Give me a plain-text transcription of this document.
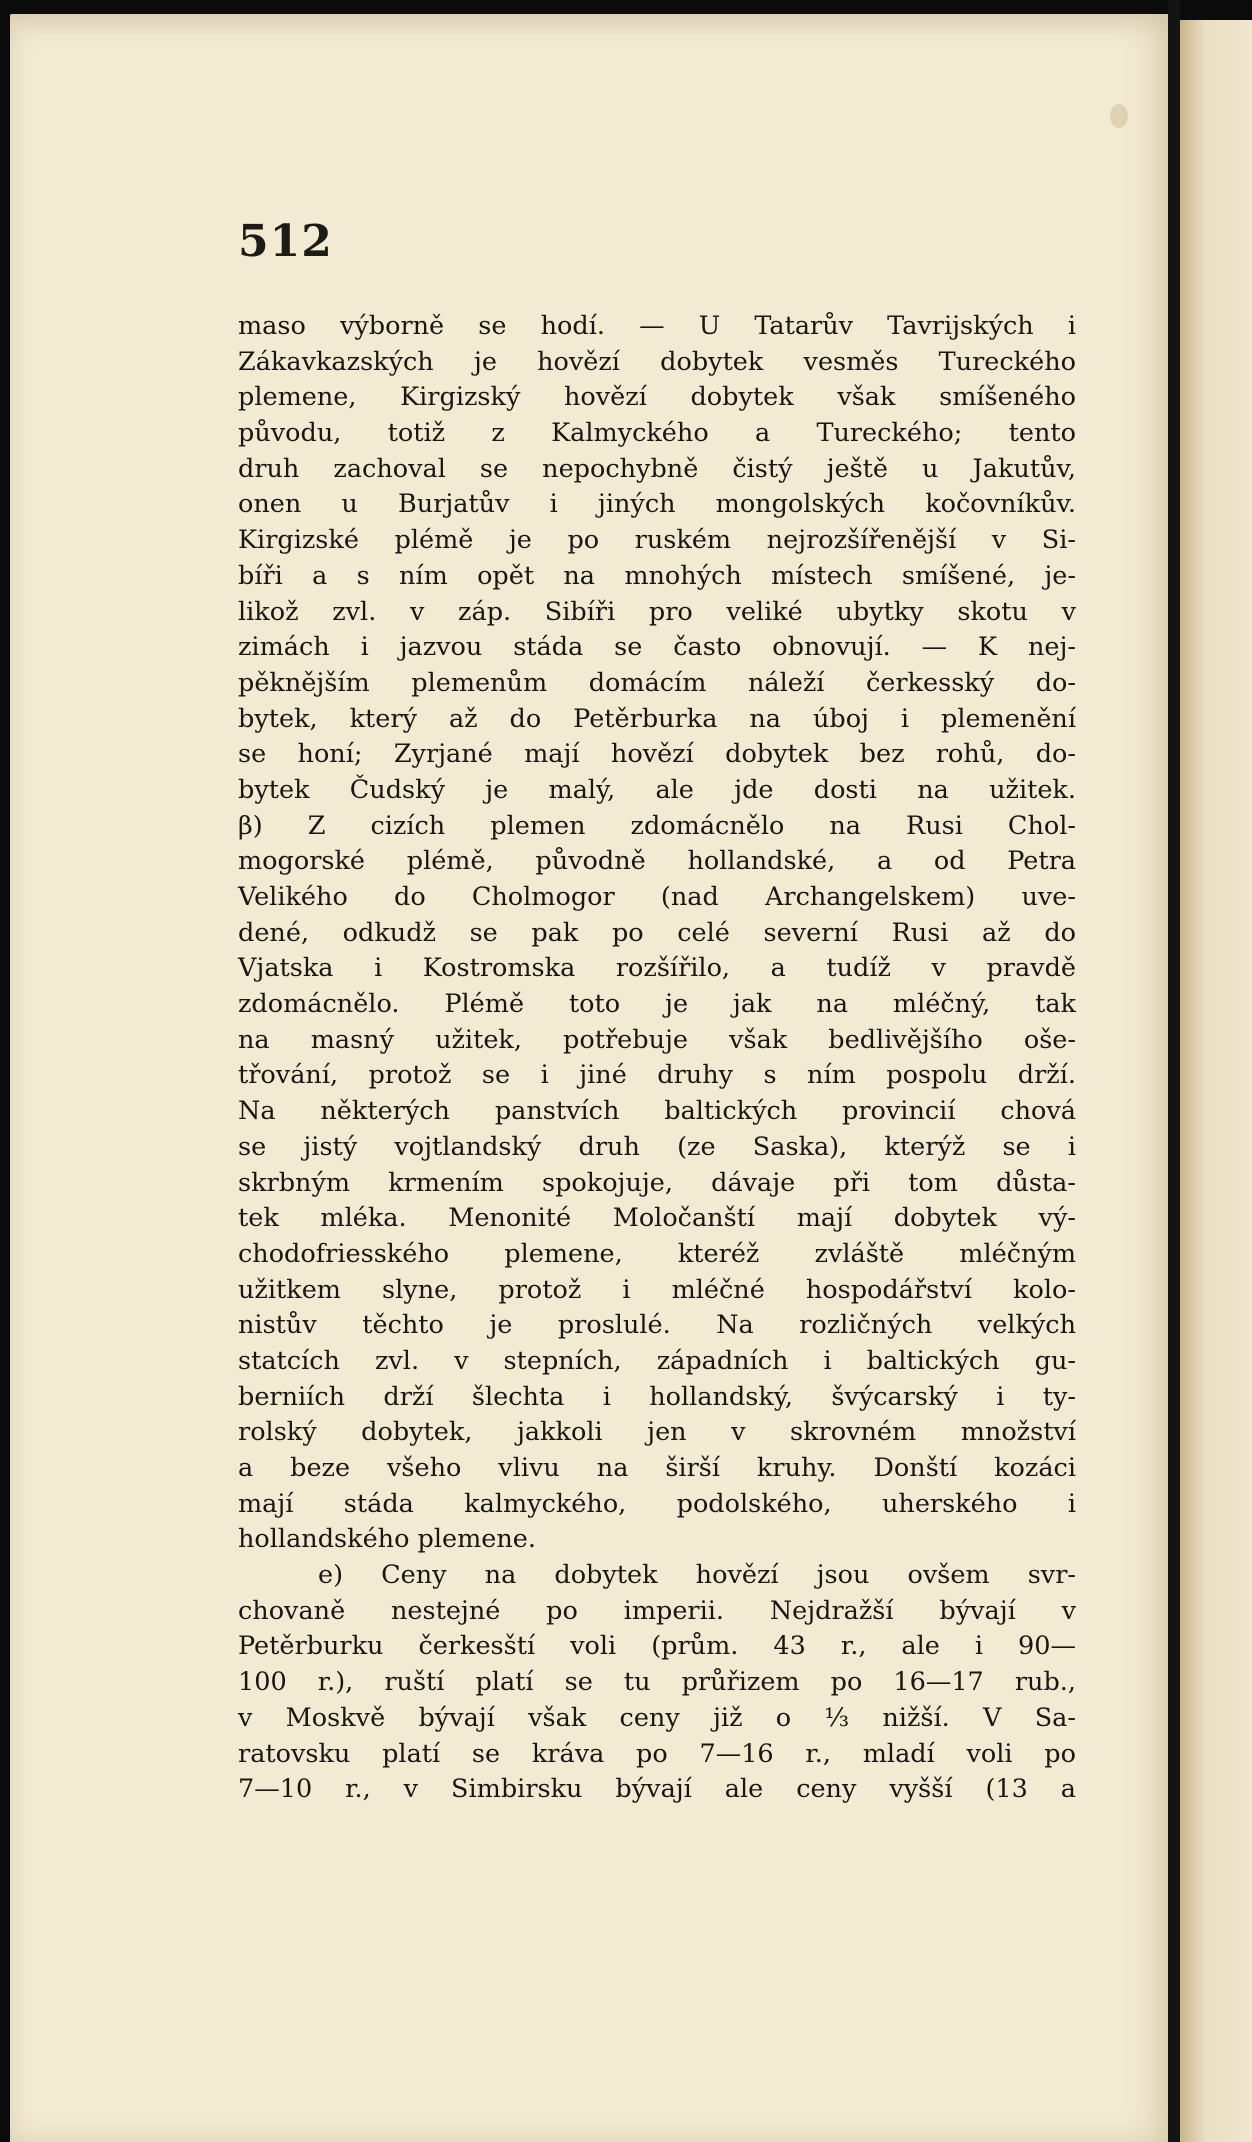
512
maso výborně se hodí. — U Tatarův Tavrijských i
Zákavkazských je hovězí dobytek vesměs Tureckého
plemene, Kirgizský hovězí dobytek však smíšeného
původu, totiž z Kalmyckého a Tureckého; tento
druh zachoval se nepochybně čistý ještě u Jakutův,
onen u Burjatův i jiných mongolských kočovníkův.
Kirgizské plémě je po ruském nejrozšířenější v Si-
bíři a s ním opět na mnohých místech smíšené, je-
likož zvl. v záp. Sibíři pro veliké ubytky skotu v
zimách i jazvou stáda se často obnovují. — K nej-
pěknějším plemenům domácím náleží čerkesský do-
bytek, který až do Petěrburka na úboj i plemenění
se honí; Zyrjané mají hovězí dobytek bez rohů, do-
bytek Čudský je malý, ale jde dosti na užitek.
β) Z cizích plemen zdomácnělo na Rusi Chol-
mogorské plémě, původně hollandské, a od Petra
Velikého do Cholmogor (nad Archangelskem) uve-
dené, odkudž se pak po celé severní Rusi až do
Vjatska i Kostromska rozšířilo, a tudíž v pravdě
zdomácnělo. Plémě toto je jak na mléčný, tak
na masný užitek, potřebuje však bedlivějšího oše-
třování, protož se i jiné druhy s ním pospolu drží.
Na některých panstvích baltických provincií chová
se jistý vojtlandský druh (ze Saska), kterýž se i
skrbným krmením spokojuje, dávaje při tom důsta-
tek mléka. Menonité Moločanští mají dobytek vý-
chodofriesského plemene, kteréž zvláště mléčným
užitkem slyne, protož i mléčné hospodářství kolo-
nistův těchto je proslulé. Na rozličných velkých
statcích zvl. v stepních, západních i baltických gu-
berniích drží šlechta i hollandský, švýcarský i ty-
rolský dobytek, jakkoli jen v skrovném množství
a beze všeho vlivu na širší kruhy. Donští kozáci
mají stáda kalmyckého, podolského, uherského i
hollandského plemene.
e) Ceny na dobytek hovězí jsou ovšem svr-
chovaně nestejné po imperii. Nejdražší bývají v
Petěrburku čerkesští voli (prům. 43 r., ale i 90—
100 r.), ruští platí se tu průřizem po 16—17 rub.,
v Moskvě bývají však ceny již o ⅓ nižší. V Sa-
ratovsku platí se kráva po 7—16 r., mladí voli po
7—10 r., v Simbirsku bývají ale ceny vyšší (13 a
